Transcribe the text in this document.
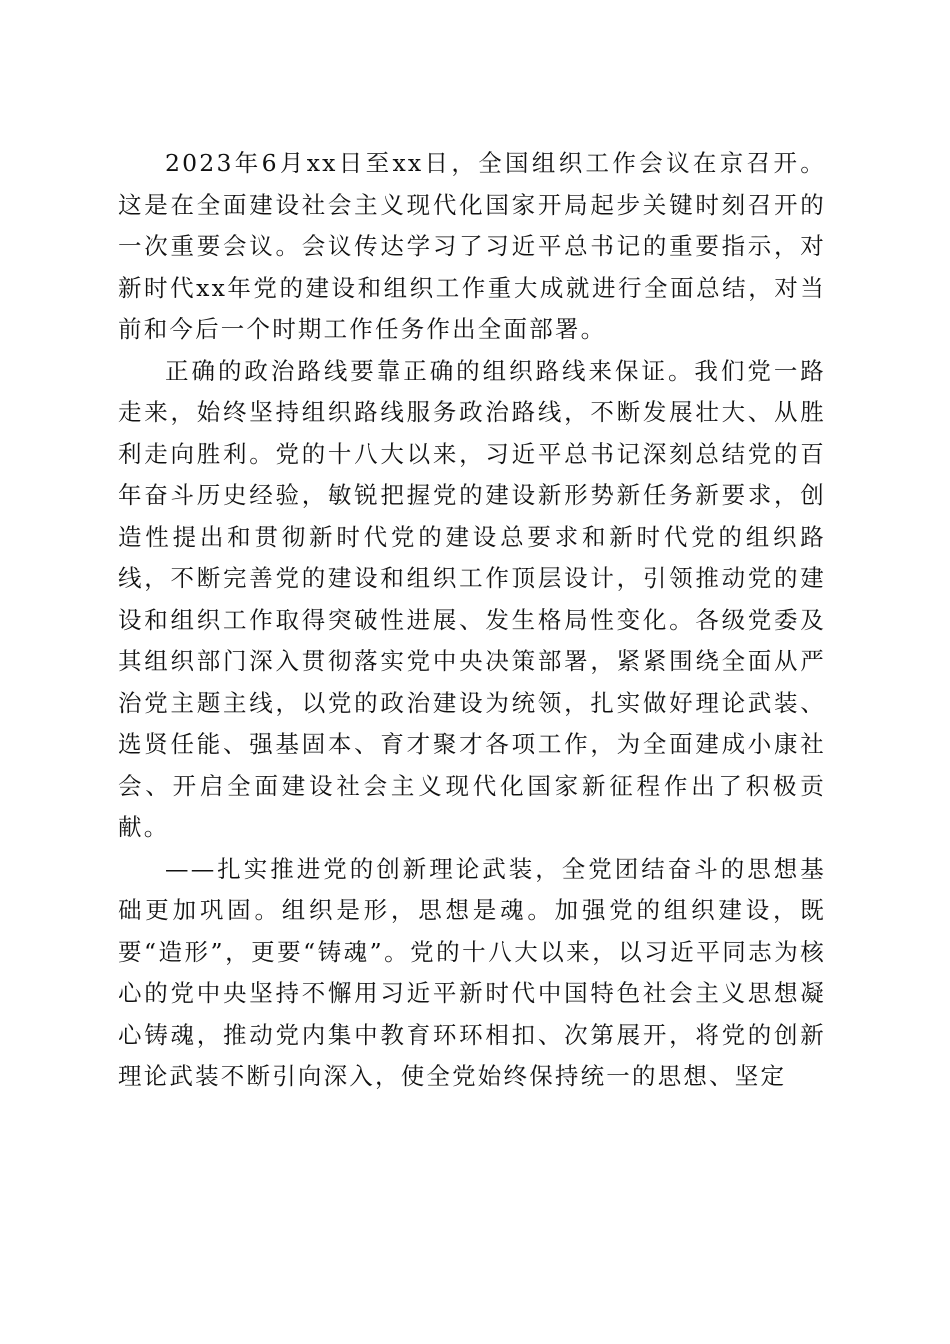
2023年6月xx日至xx日，全国组织工作会议在京召开。这是在全面建设社会主义现代化国家开局起步关键时刻召开的一次重要会议。会议传达学习了习近平总书记的重要指示，对新时代xx年党的建设和组织工作重大成就进行全面总结，对当前和今后一个时期工作任务作出全面部署。

正确的政治路线要靠正确的组织路线来保证。我们党一路走来，始终坚持组织路线服务政治路线，不断发展壮大、从胜利走向胜利。党的十八大以来，习近平总书记深刻总结党的百年奋斗历史经验，敏锐把握党的建设新形势新任务新要求，创造性提出和贯彻新时代党的建设总要求和新时代党的组织路线，不断完善党的建设和组织工作顶层设计，引领推动党的建设和组织工作取得突破性进展、发生格局性变化。各级党委及其组织部门深入贯彻落实党中央决策部署，紧紧围绕全面从严治党主题主线，以党的政治建设为统领，扎实做好理论武装、选贤任能、强基固本、育才聚才各项工作，为全面建成小康社会、开启全面建设社会主义现代化国家新征程作出了积极贡献。

——扎实推进党的创新理论武装，全党团结奋斗的思想基础更加巩固。组织是形，思想是魂。加强党的组织建设，既要“造形”，更要“铸魂”。党的十八大以来，以习近平同志为核心的党中央坚持不懈用习近平新时代中国特色社会主义思想凝心铸魂，推动党内集中教育环环相扣、次第展开，将党的创新理论武装不断引向深入，使全党始终保持统一的思想、坚定
